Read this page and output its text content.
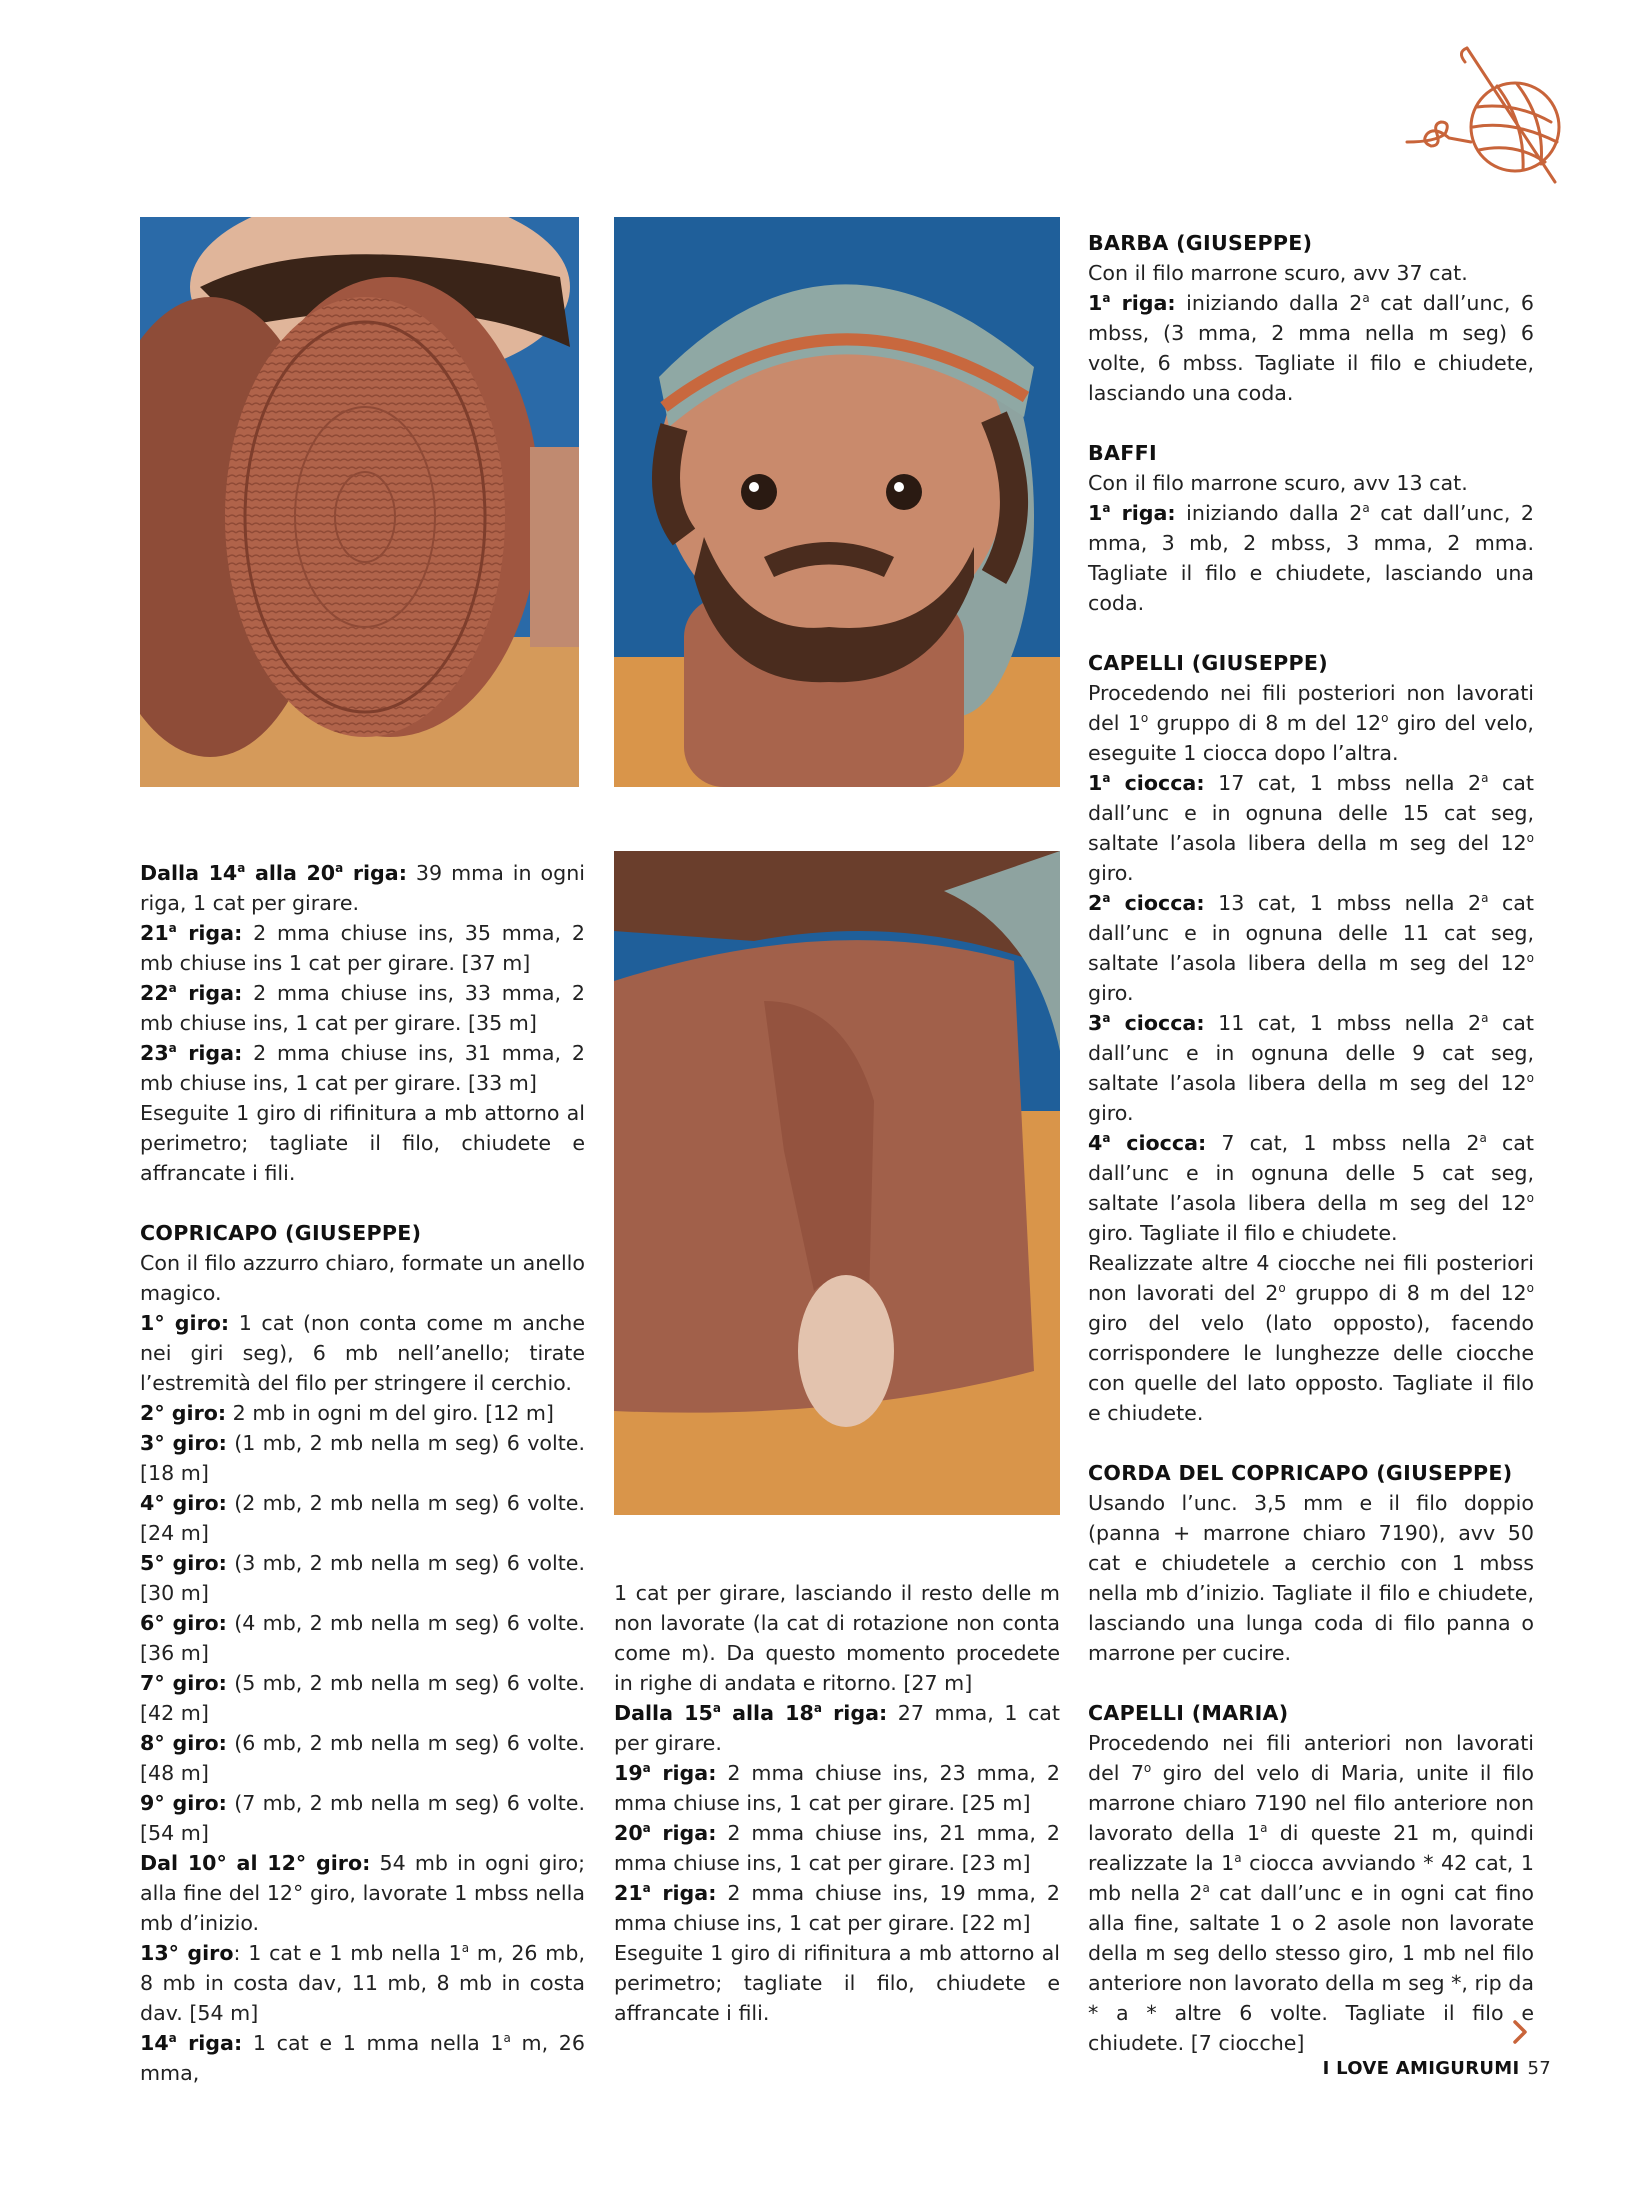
Dalla 14$^a$ alla 20$^a$ riga: 39 mma in ogni riga, 1 cat per girare.

21$^a$ riga: 2 mma chiuse ins, 35 mma, 2 mb chiuse ins 1 cat per girare. [37 m]

22$^a$ riga: 2 mma chiuse ins, 33 mma, 2 mb chiuse ins, 1 cat per girare. [35 m]

23$^a$ riga: 2 mma chiuse ins, 31 mma, 2 mb chiuse ins, 1 cat per girare. [33 m]

Eseguite 1 giro di rifinitura a mb attorno al perimetro; tagliate il filo, chiudete e affrancate i fili.

COPRICAPO (GIUSEPPE)

Con il filo azzurro chiaro, formate un anello magico.

1° giro: 1 cat (non conta come m anche nei giri seg), 6 mb nell’anello; tirate l’estremità del filo per stringere il cerchio.

2° giro: 2 mb in ogni m del giro. [12 m]

3° giro: (1 mb, 2 mb nella m seg) 6 volte. [18 m]

4° giro: (2 mb, 2 mb nella m seg) 6 volte. [24 m]

5° giro: (3 mb, 2 mb nella m seg) 6 volte. [30 m]

6° giro: (4 mb, 2 mb nella m seg) 6 volte. [36 m]

7° giro: (5 mb, 2 mb nella m seg) 6 volte. [42 m]

8° giro: (6 mb, 2 mb nella m seg) 6 volte. [48 m]

9° giro: (7 mb, 2 mb nella m seg) 6 volte. [54 m]

Dal 10° al 12° giro: 54 mb in ogni giro; alla fine del 12° giro, lavorate 1 mbss nella mb d’inizio.

13° giro: 1 cat e 1 mb nella 1$^a$ m, 26 mb, 8 mb in costa dav, 11 mb, 8 mb in costa dav. [54 m]

14$^a$ riga: 1 cat e 1 mma nella 1$^a$ m, 26 mma,

1 cat per girare, lasciando il resto delle m non lavorate (la cat di rotazione non conta come m). Da questo momento procedete in righe di andata e ritorno. [27 m]

Dalla 15$^a$ alla 18$^a$ riga: 27 mma, 1 cat per girare.

19$^a$ riga: 2 mma chiuse ins, 23 mma, 2 mma chiuse ins, 1 cat per girare. [25 m]

20$^a$ riga: 2 mma chiuse ins, 21 mma, 2 mma chiuse ins, 1 cat per girare. [23 m]

21$^a$ riga: 2 mma chiuse ins, 19 mma, 2 mma chiuse ins, 1 cat per girare. [22 m]

Eseguite 1 giro di rifinitura a mb attorno al perimetro; tagliate il filo, chiudete e affrancate i fili.

BARBA (GIUSEPPE)

Con il filo marrone scuro, avv 37 cat.

1$^a$ riga: iniziando dalla 2$^a$ cat dall’unc, 6 mbss, (3 mma, 2 mma nella m seg) 6 volte, 6 mbss. Tagliate il filo e chiudete, lasciando una coda.

BAFFI

Con il filo marrone scuro, avv 13 cat.

1$^a$ riga: iniziando dalla 2$^a$ cat dall’unc, 2 mma, 3 mb, 2 mbss, 3 mma, 2 mma. Tagliate il filo e chiudete, lasciando una coda.

CAPELLI (GIUSEPPE)

Procedendo nei fili posteriori non lavorati del 1$^o$ gruppo di 8 m del 12$^o$ giro del velo, eseguite 1 ciocca dopo l’altra.

1$^a$ ciocca: 17 cat, 1 mbss nella 2$^a$ cat dall’unc e in ognuna delle 15 cat seg, saltate l’asola libera della m seg del 12$^o$ giro.

2$^a$ ciocca: 13 cat, 1 mbss nella 2$^a$ cat dall’unc e in ognuna delle 11 cat seg, saltate l’asola libera della m seg del 12$^o$ giro.

3$^a$ ciocca: 11 cat, 1 mbss nella 2$^a$ cat dall’unc e in ognuna delle 9 cat seg, saltate l’asola libera della m seg del 12$^o$ giro.

4$^a$ ciocca: 7 cat, 1 mbss nella 2$^a$ cat dall’unc e in ognuna delle 5 cat seg, saltate l’asola libera della m seg del 12$^o$ giro. Tagliate il filo e chiudete.

Realizzate altre 4 ciocche nei fili posteriori non lavorati del 2$^o$ gruppo di 8 m del 12$^o$ giro del velo (lato opposto), facendo corrispondere le lunghezze delle ciocche con quelle del lato opposto. Tagliate il filo e chiudete.

CORDA DEL COPRICAPO (GIUSEPPE)

Usando l’unc. 3,5 mm e il filo doppio (panna + marrone chiaro 7190), avv 50 cat e chiudetele a cerchio con 1 mbss nella mb d’inizio. Tagliate il filo e chiudete, lasciando una lunga coda di filo panna o marrone per cucire.

CAPELLI (MARIA)

Procedendo nei fili anteriori non lavorati del 7$^o$ giro del velo di Maria, unite il filo marrone chiaro 7190 nel filo anteriore non lavorato della 1$^a$ di queste 21 m, quindi realizzate la 1$^a$ ciocca avviando * 42 cat, 1 mb nella 2$^a$ cat dall’unc e in ogni cat fino alla fine, saltate 1 o 2 asole non lavorate della m seg dello stesso giro, 1 mb nel filo anteriore non lavorato della m seg *, rip da * a * altre 6 volte. Tagliate il filo e chiudete. [7 ciocche]

I LOVE AMIGURUMI 57
